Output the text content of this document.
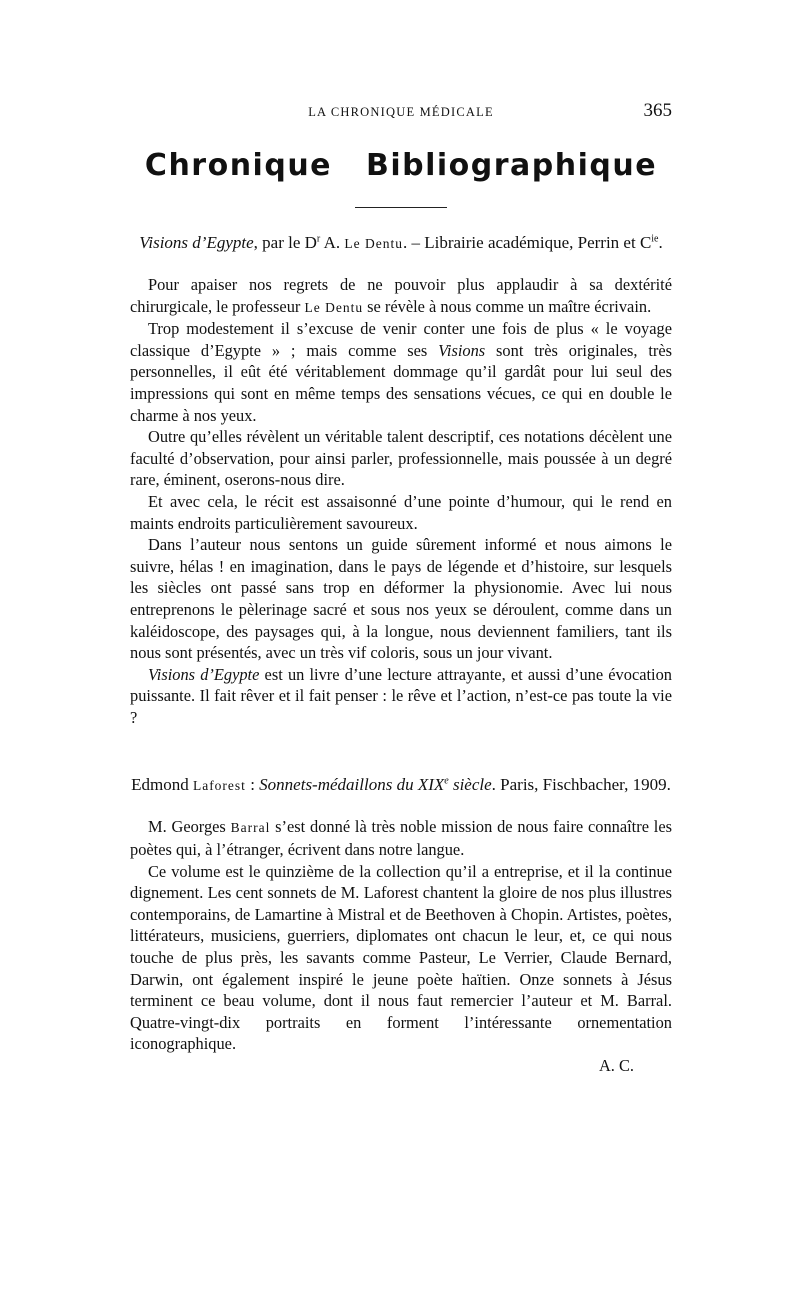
LA CHRONIQUE MÉDICALE	365
Chronique Bibliographique
Visions d’Egypte, par le $D^r$ A. Le Dentu. – Librairie académique, Perrin et $C^{ie}$.

Pour apaiser nos regrets de ne pouvoir plus applaudir à sa dextérité chirurgicale, le professeur Le Dentu se révèle à nous comme un maître écrivain.

Trop modestement il s’excuse de venir conter une fois de plus « le voyage classique d’Egypte » ; mais comme ses Visions sont très originales, très personnelles, il eût été véritablement dommage qu’il gardât pour lui seul des impressions qui sont en même temps des sensations vécues, ce qui en double le charme à nos yeux.

Outre qu’elles révèlent un véritable talent descriptif, ces notations décèlent une faculté d’observation, pour ainsi parler, professionnelle, mais poussée à un degré rare, éminent, oserons-nous dire.

Et avec cela, le récit est assaisonné d’une pointe d’humour, qui le rend en maints endroits particulièrement savoureux.

Dans l’auteur nous sentons un guide sûrement informé et nous aimons le suivre, hélas ! en imagination, dans le pays de légende et d’histoire, sur lesquels les siècles ont passé sans trop en déformer la physionomie. Avec lui nous entreprenons le pèlerinage sacré et sous nos yeux se déroulent, comme dans un kaléidoscope, des paysages qui, à la longue, nous deviennent familiers, tant ils nous sont présentés, avec un très vif coloris, sous un jour vivant.

Visions d’Egypte est un livre d’une lecture attrayante, et aussi d’une évocation puissante. Il fait rêver et il fait penser : le rêve et l’action, n’est-ce pas toute la vie ?

Edmond Laforest : Sonnets-médaillons du XIXe siècle. Paris, Fischbacher, 1909.

M. Georges Barral s’est donné là très noble mission de nous faire connaître les poètes qui, à l’étranger, écrivent dans notre langue.

Ce volume est le quinzième de la collection qu’il a entreprise, et il la continue dignement. Les cent sonnets de M. Laforest chantent la gloire de nos plus illustres contemporains, de Lamartine à Mistral et de Beethoven à Chopin. Artistes, poètes, littérateurs, musiciens, guerriers, diplomates ont chacun le leur, et, ce qui nous touche de plus près, les savants comme Pasteur, Le Verrier, Claude Bernard, Darwin, ont également inspiré le jeune poète haïtien. Onze sonnets à Jésus terminent ce beau volume, dont il nous faut remercier l’auteur et M. Barral. Quatre-vingt-dix portraits en forment l’intéressante ornementation iconographique.

A. C.
